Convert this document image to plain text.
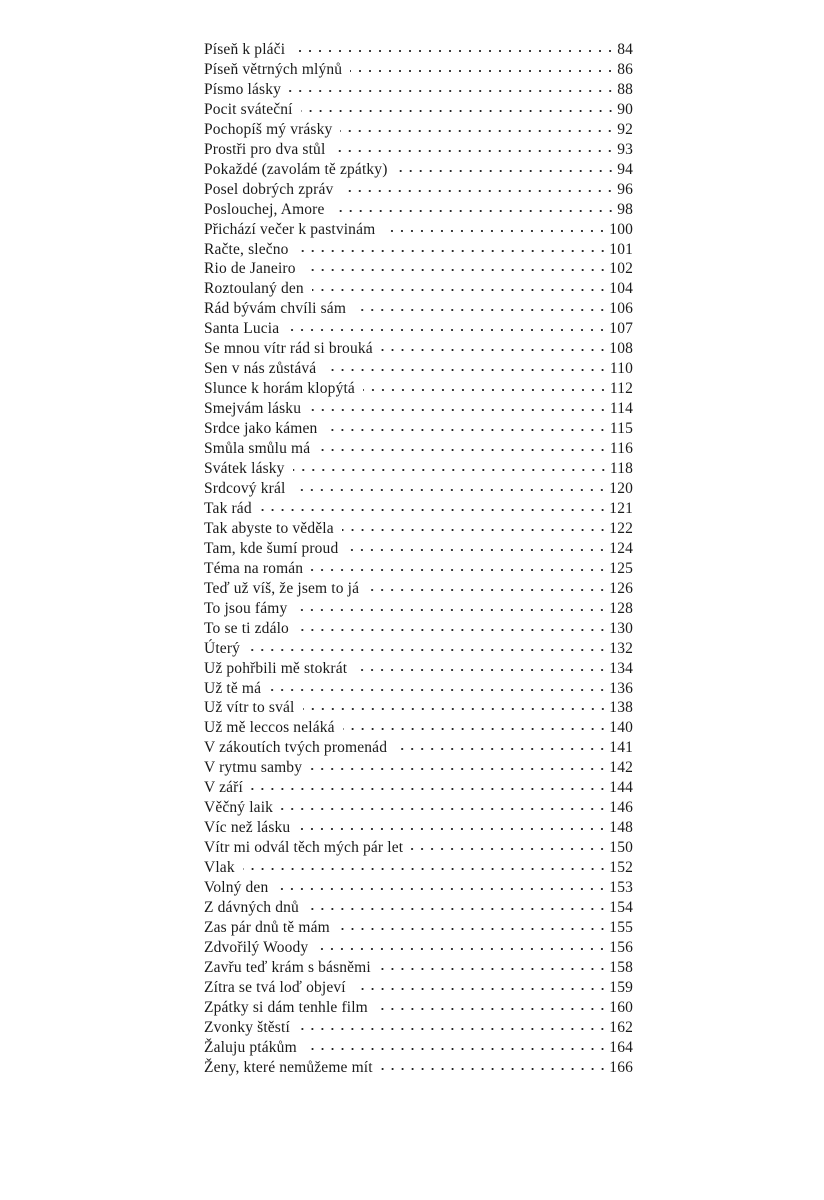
Píseň k pláči	84
Píseň větrných mlýnů	86
Písmo lásky	88
Pocit sváteční	90
Pochopíš mý vrásky	92
Prostři pro dva stůl	93
Pokaždé (zavolám tě zpátky)	94
Posel dobrých zpráv	96
Poslouchej, Amore	98
Přichází večer k pastvinám	100
Račte, slečno	101
Rio de Janeiro	102
Roztoulaný den	104
Rád bývám chvíli sám	106
Santa Lucia	107
Se mnou vítr rád si brouká	108
Sen v nás zůstává	110
Slunce k horám klopýtá	112
Smejvám lásku	114
Srdce jako kámen	115
Smůla smůlu má	116
Svátek lásky	118
Srdcový král	120
Tak rád	121
Tak abyste to věděla	122
Tam, kde šumí proud	124
Téma na román	125
Teď už víš, že jsem to já	126
To jsou fámy	128
To se ti zdálo	130
Úterý	132
Už pohřbili mě stokrát	134
Už tě má	136
Už vítr to svál	138
Už mě leccos neláká	140
V zákoutích tvých promenád	141
V rytmu samby	142
V září	144
Věčný laik	146
Víc než lásku	148
Vítr mi odvál těch mých pár let	150
Vlak	152
Volný den	153
Z dávných dnů	154
Zas pár dnů tě mám	155
Zdvořilý Woody	156
Zavřu teď krám s básněmi	158
Zítra se tvá loď objeví	159
Zpátky si dám tenhle film	160
Zvonky štěstí	162
Žaluju ptákům	164
Ženy, které nemůžeme mít	166
